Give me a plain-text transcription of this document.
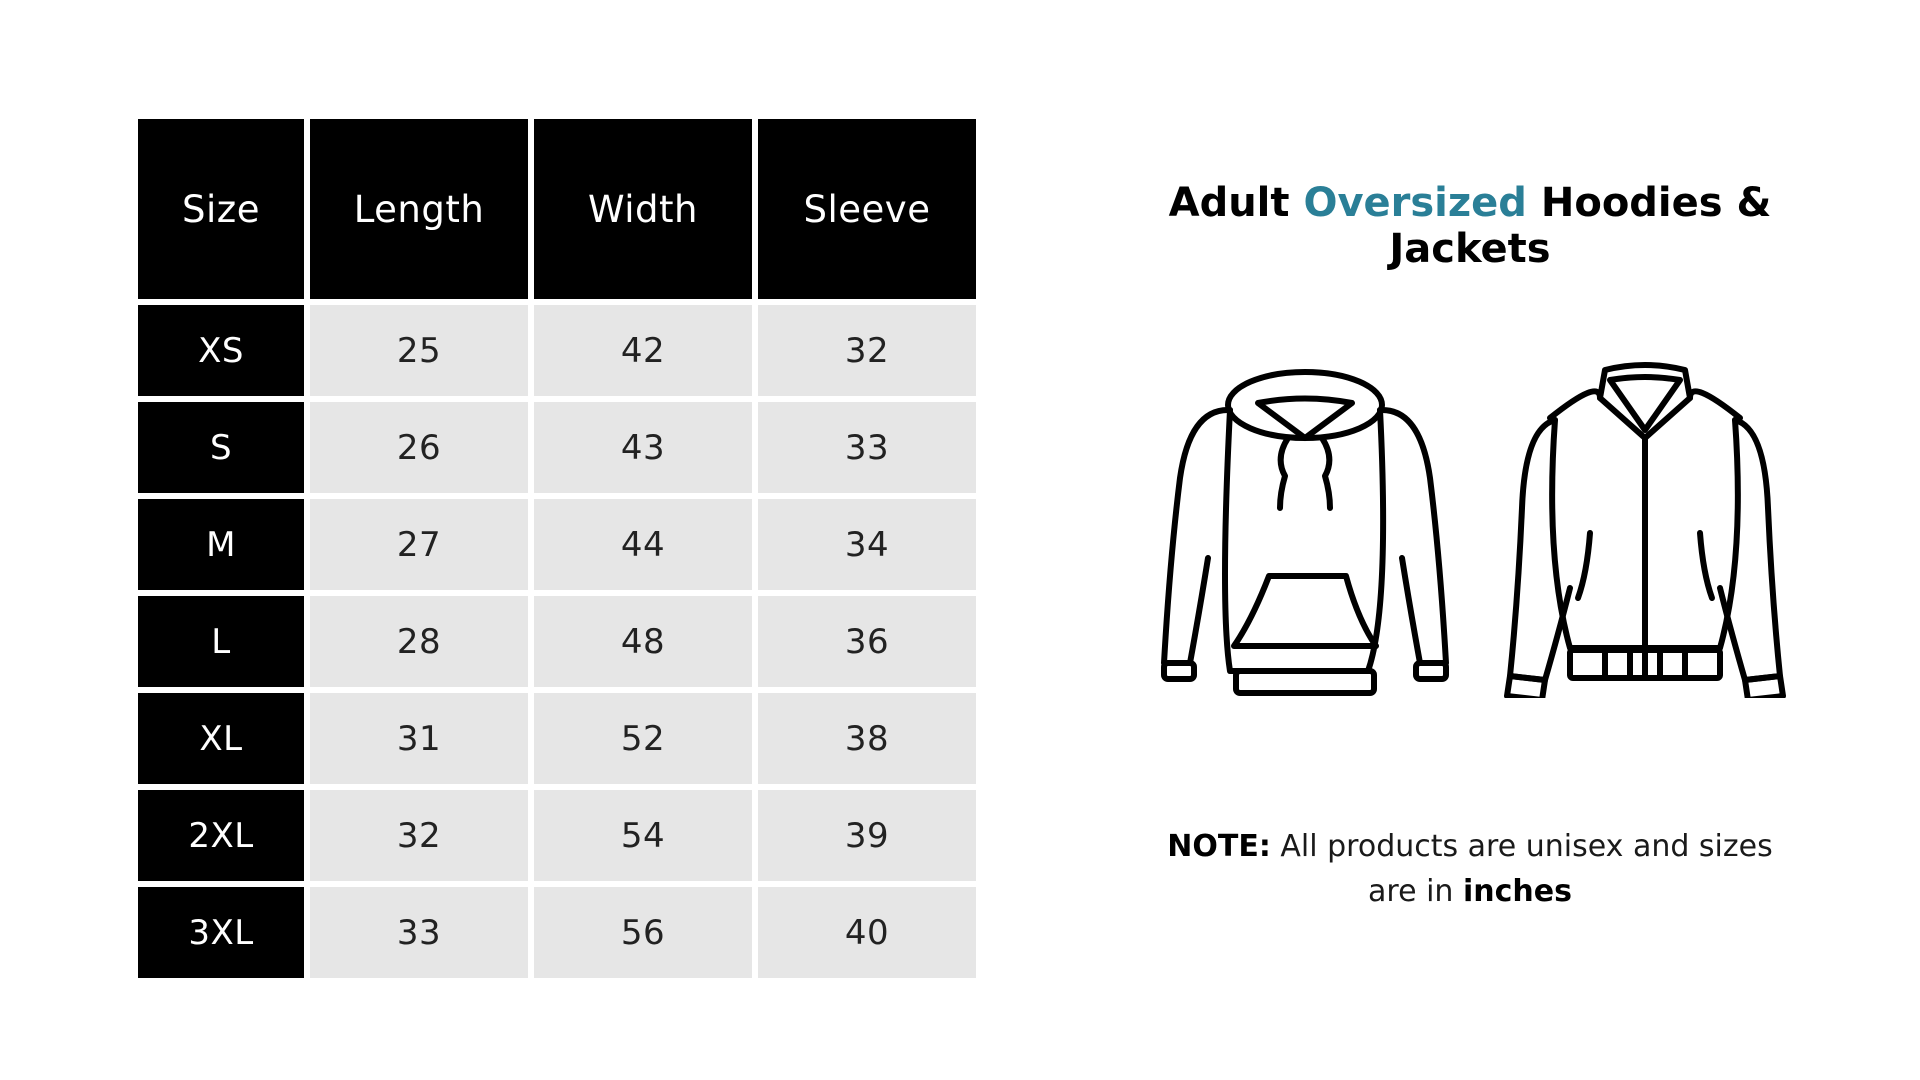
Size	Length	Width	Sleeve
XS	25	42	32
S	26	43	33
M	27	44	34
L	28	48	36
XL	31	52	38
2XL	32	54	39
3XL	33	56	40
Adult Oversized Hoodies & Jackets

NOTE: All products are unisex and sizes are in inches
